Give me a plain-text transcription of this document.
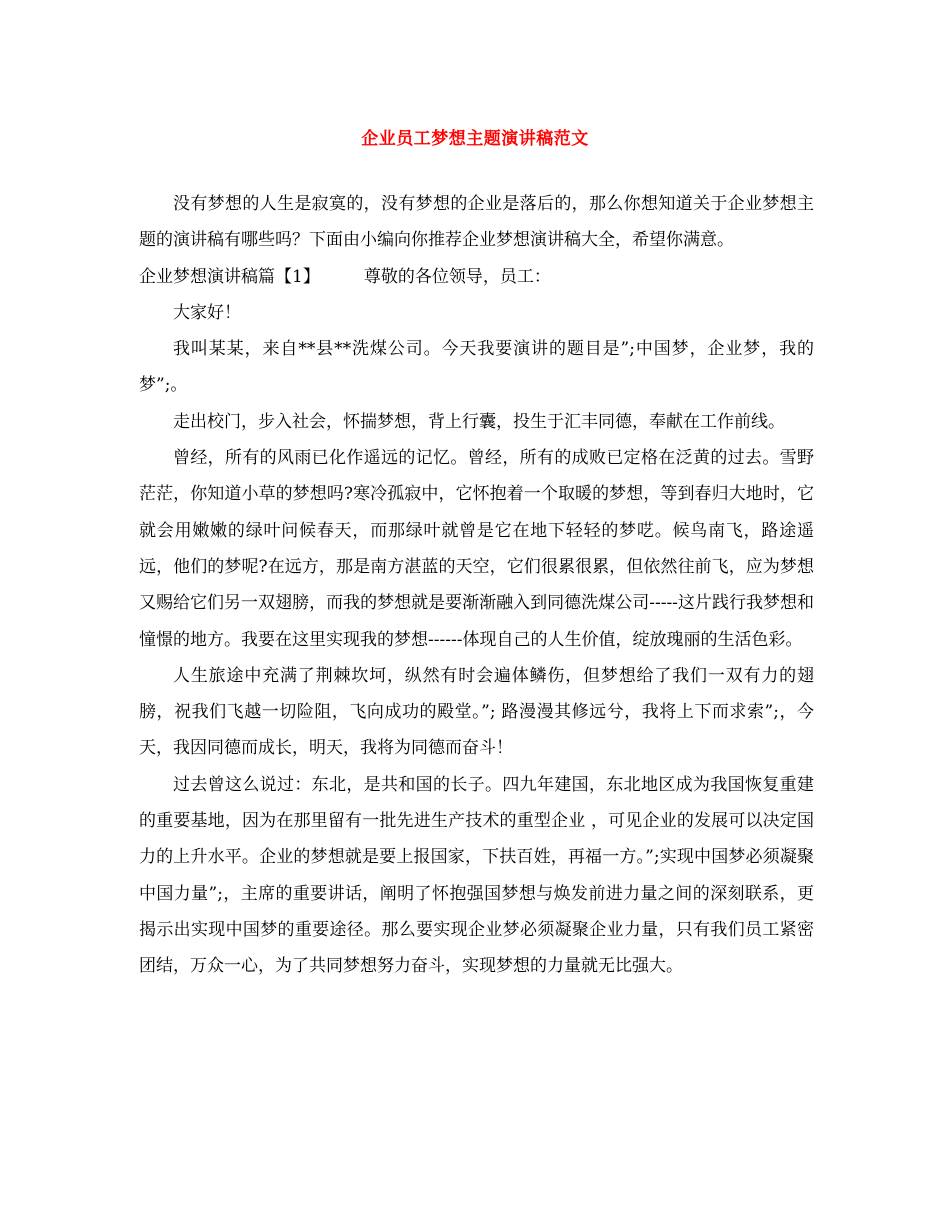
企业员工梦想主题演讲稿范文

没有梦想的人生是寂寞的，没有梦想的企业是落后的，那么你想知道关于企业梦想主题的演讲稿有哪些吗？下面由小编向你推荐企业梦想演讲稿大全，希望你满意。

企业梦想演讲稿篇【1】	尊敬的各位领导，员工：

大家好！

我叫某某，来自**县**洗煤公司。今天我要演讲的题目是”;中国梦，企业梦，我的梦”;。

走出校门，步入社会，怀揣梦想，背上行囊，投生于汇丰同德，奉献在工作前线。

曾经，所有的风雨已化作遥远的记忆。曾经，所有的成败已定格在泛黄的过去。雪野茫茫，你知道小草的梦想吗?寒冷孤寂中，它怀抱着一个取暖的梦想，等到春归大地时，它就会用嫩嫩的绿叶问候春天，而那绿叶就曾是它在地下轻轻的梦呓。候鸟南飞，路途遥远，他们的梦呢?在远方，那是南方湛蓝的天空，它们很累很累，但依然往前飞，应为梦想又赐给它们另一双翅膀，而我的梦想就是要渐渐融入到同德洗煤公司-----这片践行我梦想和憧憬的地方。我要在这里实现我的梦想------体现自己的人生价值，绽放瑰丽的生活色彩。

人生旅途中充满了荆棘坎坷，纵然有时会遍体鳞伤，但梦想给了我们一双有力的翅膀，祝我们飞越一切险阻，飞向成功的殿堂。”; 路漫漫其修远兮，我将上下而求索”;，今天，我因同德而成长，明天，我将为同德而奋斗！

过去曾这么说过：东北，是共和国的长子。四九年建国，东北地区成为我国恢复重建的重要基地，因为在那里留有一批先进生产技术的重型企业 ，可见企业的发展可以决定国力的上升水平。企业的梦想就是要上报国家，下扶百姓，再福一方。”;实现中国梦必须凝聚中国力量”;，主席的重要讲话，阐明了怀抱强国梦想与焕发前进力量之间的深刻联系，更揭示出实现中国梦的重要途径。那么要实现企业梦必须凝聚企业力量，只有我们员工紧密团结，万众一心，为了共同梦想努力奋斗，实现梦想的力量就无比强大。
